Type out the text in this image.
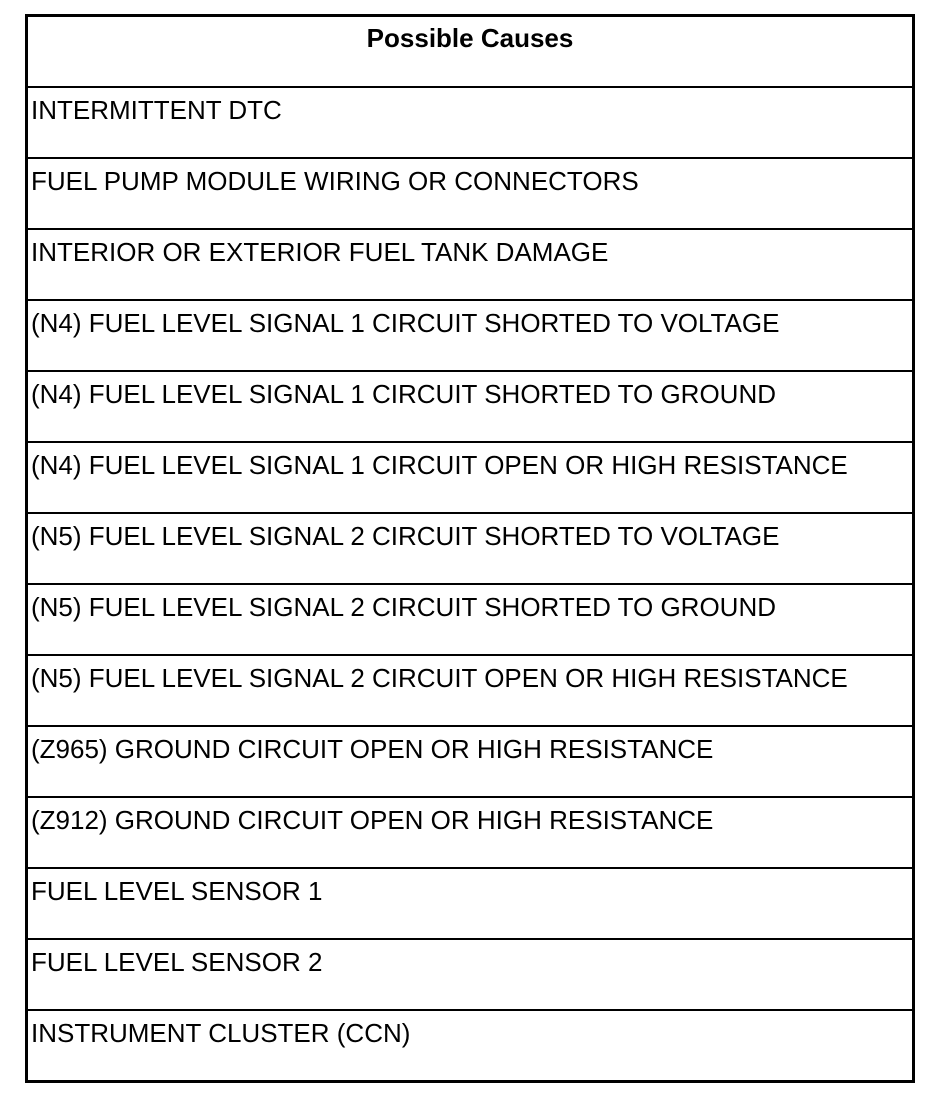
Possible Causes
INTERMITTENT DTC
FUEL PUMP MODULE WIRING OR CONNECTORS
INTERIOR OR EXTERIOR FUEL TANK DAMAGE
(N4) FUEL LEVEL SIGNAL 1 CIRCUIT SHORTED TO VOLTAGE
(N4) FUEL LEVEL SIGNAL 1 CIRCUIT SHORTED TO GROUND
(N4) FUEL LEVEL SIGNAL 1 CIRCUIT OPEN OR HIGH RESISTANCE
(N5) FUEL LEVEL SIGNAL 2 CIRCUIT SHORTED TO VOLTAGE
(N5) FUEL LEVEL SIGNAL 2 CIRCUIT SHORTED TO GROUND
(N5) FUEL LEVEL SIGNAL 2 CIRCUIT OPEN OR HIGH RESISTANCE
(Z965) GROUND CIRCUIT OPEN OR HIGH RESISTANCE
(Z912) GROUND CIRCUIT OPEN OR HIGH RESISTANCE
FUEL LEVEL SENSOR 1
FUEL LEVEL SENSOR 2
INSTRUMENT CLUSTER (CCN)
